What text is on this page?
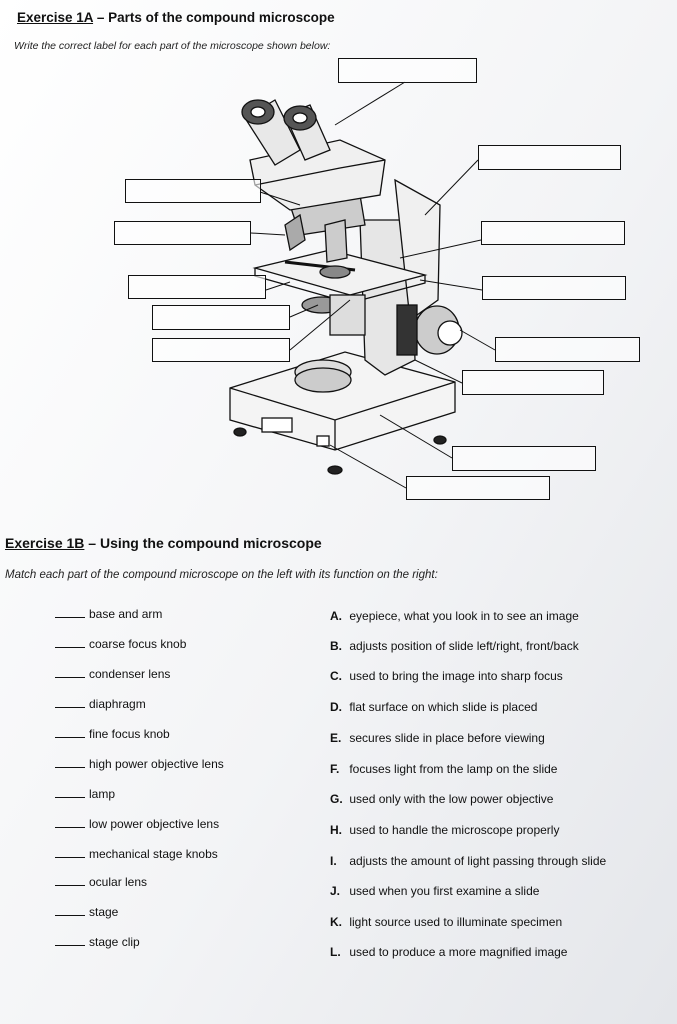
Exercise 1A – Parts of the compound microscope
Write the correct label for each part of the microscope shown below:
Exercise 1B – Using the compound microscope
Match each part of the compound microscope on the left with its function on the right:
base and arm
coarse focus knob
condenser lens
diaphragm
fine focus knob
high power objective lens
lamp
low power objective lens
mechanical stage knobs
ocular lens
stage
stage clip
A. eyepiece, what you look in to see an image
B. adjusts position of slide left/right, front/back
C. used to bring the image into sharp focus
D. flat surface on which slide is placed
E. secures slide in place before viewing
F. focuses light from the lamp on the slide
G. used only with the low power objective
H. used to handle the microscope properly
I. adjusts the amount of light passing through slide
J. used when you first examine a slide
K. light source used to illuminate specimen
L. used to produce a more magnified image
